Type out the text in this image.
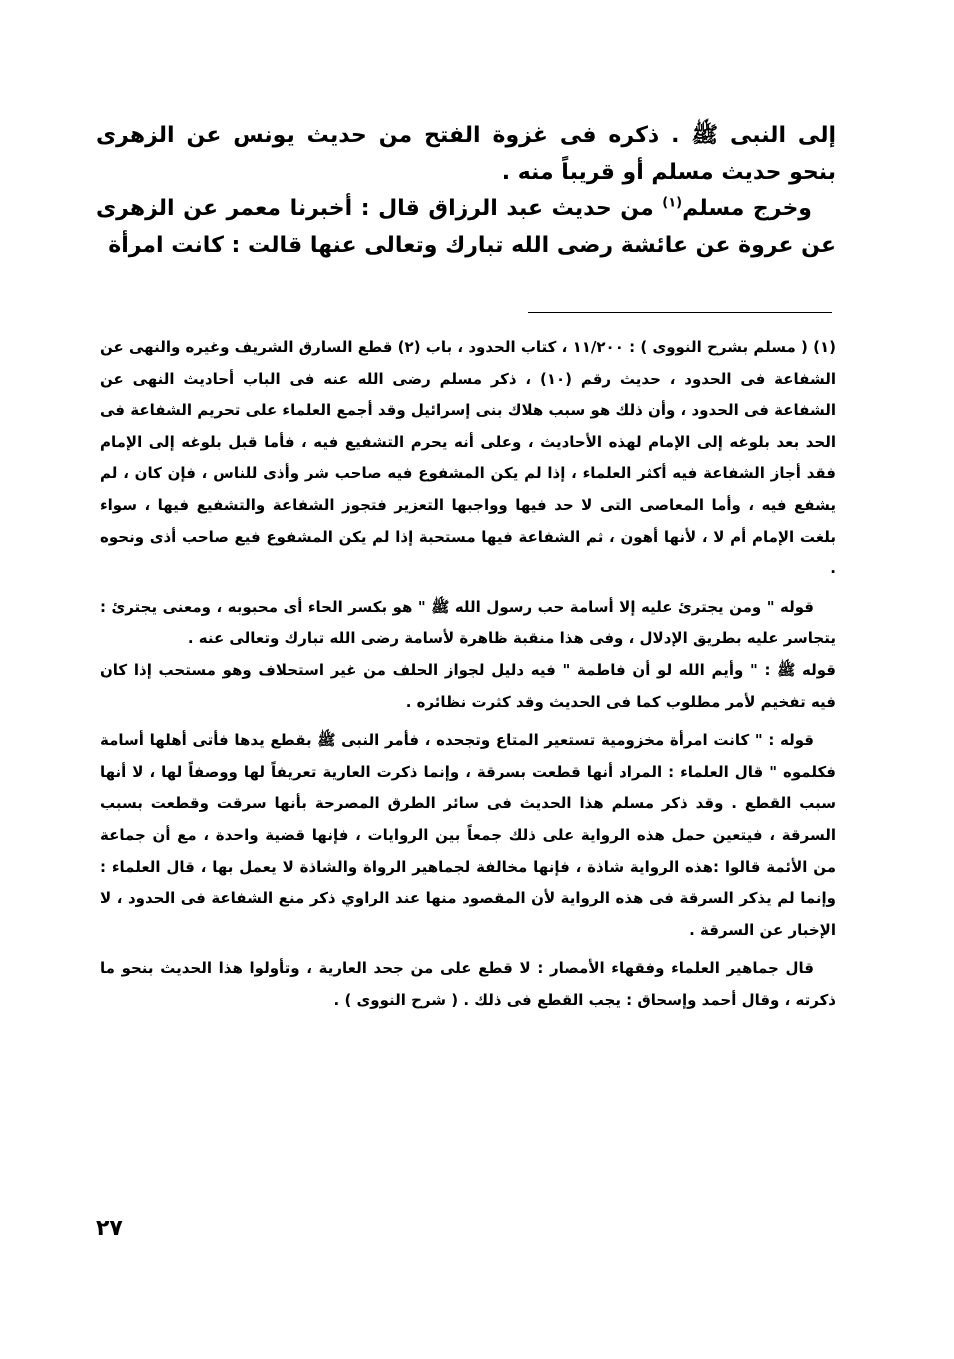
إلى النبى ﷺ . ذكره فى غزوة الفتح من حديث يونس عن الزهرى بنحو حديث مسلم أو قريباً منه .

وخرج مسلم$^{(١)}$ من حديث عبد الرزاق قال : أخبرنا معمر عن الزهرى عن عروة عن عائشة رضى الله تبارك وتعالى عنها قالت : كانت امرأة

(١) ( مسلم بشرح النووى ) : ١١/٢٠٠ ، كتاب الحدود ، باب (٢) قطع السارق الشريف وغيره والنهى عن الشفاعة فى الحدود ، حديث رقم (١٠) ، ذكر مسلم رضى الله عنه فى الباب أحاديث النهى عن الشفاعة فى الحدود ، وأن ذلك هو سبب هلاك بنى إسرائيل وقد أجمع العلماء على تحريم الشفاعة فى الحد بعد بلوغه إلى الإمام لهذه الأحاديث ، وعلى أنه يحرم التشفيع فيه ، فأما قبل بلوغه إلى الإمام فقد أجاز الشفاعة فيه أكثر العلماء ، إذا لم يكن المشفوع فيه صاحب شر وأذى للناس ، فإن كان ، لم يشفع فيه ، وأما المعاصى التى لا حد فيها وواجبها التعزير فتجوز الشفاعة والتشفيع فيها ، سواء بلغت الإمام أم لا ، لأنها أهون ، ثم الشفاعة فيها مستحبة إذا لم يكن المشفوع فيع صاحب أذى ونحوه .

قوله " ومن يجترئ عليه إلا أسامة حب رسول الله ﷺ " هو بكسر الحاء أى محبوبه ، ومعنى يجترئ : يتجاسر عليه بطريق الإدلال ، وفى هذا منقبة ظاهرة لأسامة رضى الله تبارك وتعالى عنه .

قوله ﷺ : " وأيم الله لو أن فاطمة " فيه دليل لجواز الحلف من غير استحلاف وهو مستحب إذا كان فيه تفخيم لأمر مطلوب كما فى الحديث وقد كثرت نظائره .

قوله : " كانت امرأة مخزومية تستعير المتاع وتجحده ، فأمر النبى ﷺ بقطع يدها فأتى أهلها أسامة فكلموه " قال العلماء : المراد أنها قطعت بسرقة ، وإنما ذكرت العارية تعريفاً لها ووصفاً لها ، لا أنها سبب القطع . وقد ذكر مسلم هذا الحديث فى سائر الطرق المصرحة بأنها سرقت وقطعت بسبب السرقة ، فيتعين حمل هذه الرواية على ذلك جمعاً بين الروايات ، فإنها قضية واحدة ، مع أن جماعة من الأئمة قالوا :هذه الرواية شاذة ، فإنها مخالفة لجماهير الرواة والشاذة لا يعمل بها ، قال العلماء : وإنما لم يذكر السرقة فى هذه الرواية لأن المقصود منها عند الراوي ذكر منع الشفاعة فى الحدود ، لا الإخبار عن السرقة .

قال جماهير العلماء وفقهاء الأمصار : لا قطع على من جحد العارية ، وتأولوا هذا الحديث بنحو ما ذكرته ، وقال أحمد وإسحاق : يجب القطع فى ذلك . ( شرح النووى ) .

٢٧
